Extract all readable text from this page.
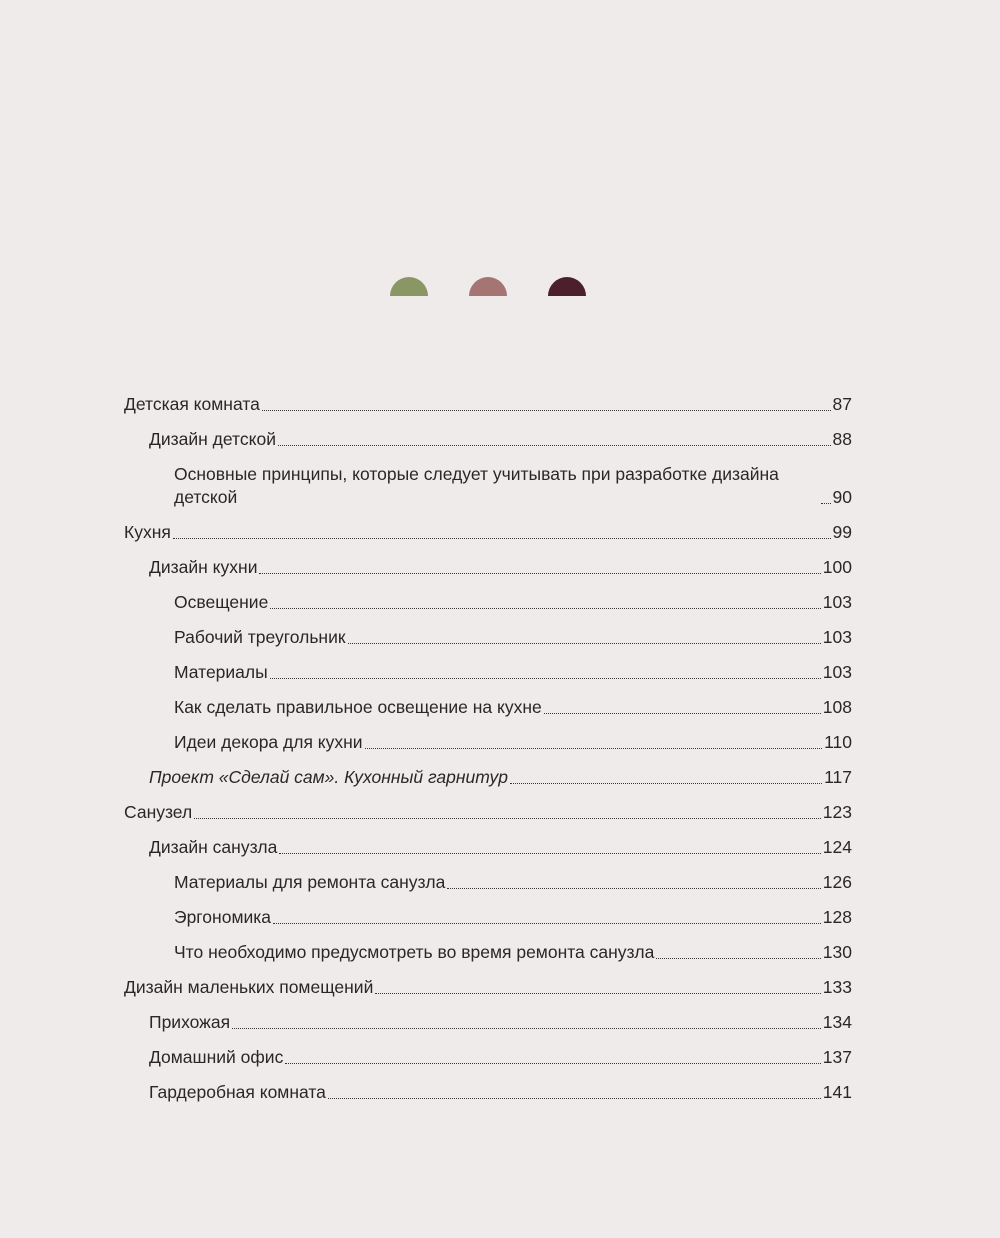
Детская комната	87
Дизайн детской	88
Основные принципы, которые следует учитывать при разработке дизайна детской	90
Кухня	99
Дизайн кухни	100
Освещение	103
Рабочий треугольник	103
Материалы	103
Как сделать правильное освещение на кухне	108
Идеи декора для кухни	110
Проект «Сделай сам». Кухонный гарнитур	117
Санузел	123
Дизайн санузла	124
Материалы для ремонта санузла	126
Эргономика	128
Что необходимо предусмотреть во время ремонта санузла	130
Дизайн маленьких помещений	133
Прихожая	134
Домашний офис	137
Гардеробная комната	141
